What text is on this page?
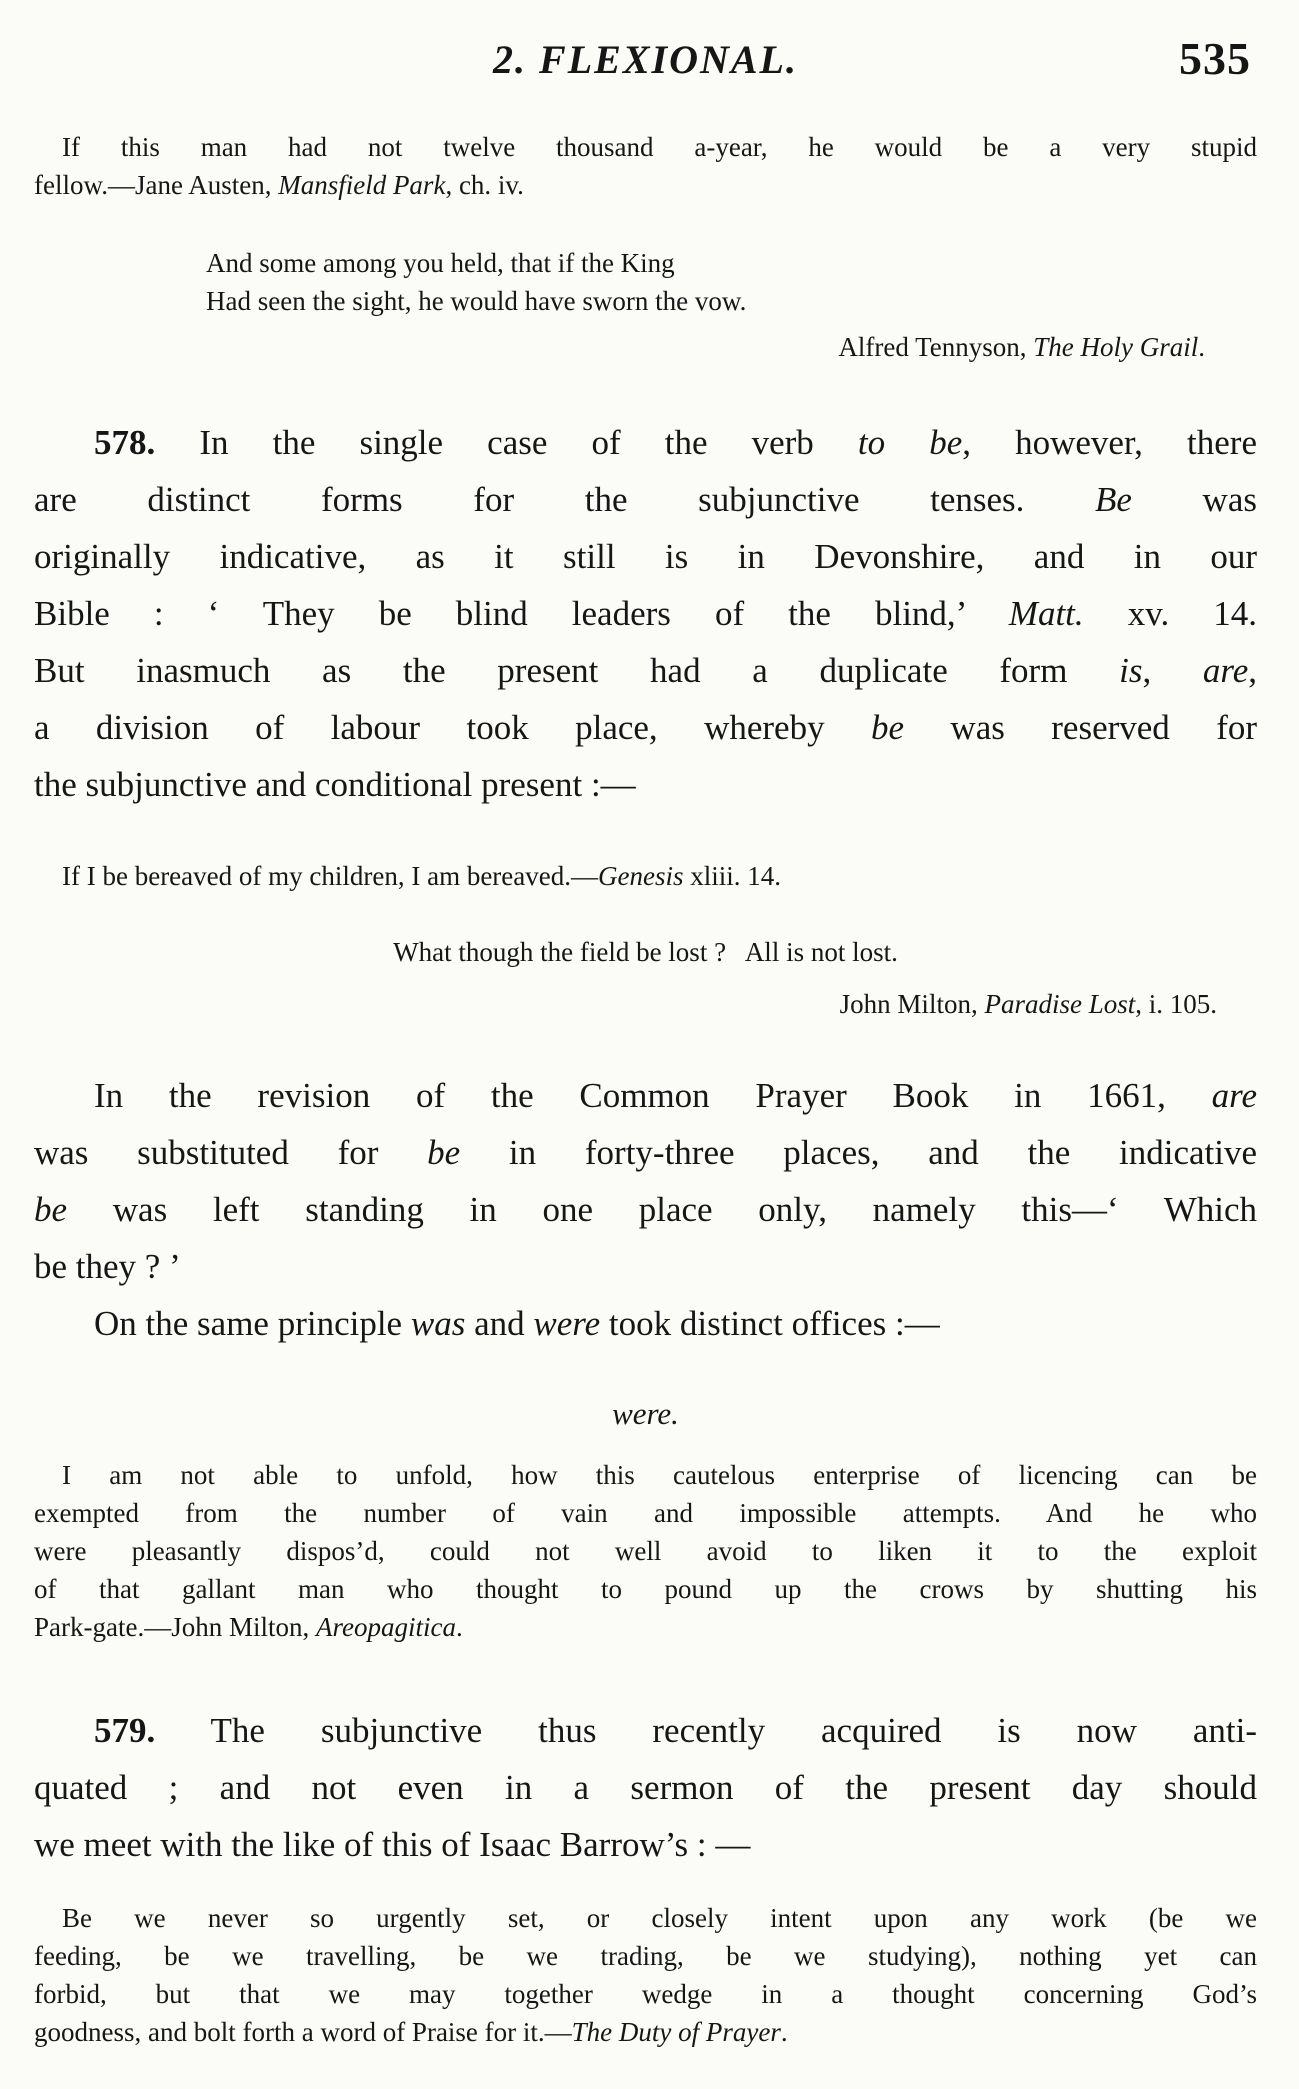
2. FLEXIONAL.	535
If this man had not twelve thousand a-year, he would be a very stupid
fellow.—Jane Austen, Mansfield Park, ch. iv.
And some among you held, that if the King
Had seen the sight, he would have sworn the vow.
Alfred Tennyson, The Holy Grail.
578. In the single case of the verb to be, however, there
are distinct forms for the subjunctive tenses. Be was
originally indicative, as it still is in Devonshire, and in our
Bible : ‘ They be blind leaders of the blind,’ Matt. xv. 14.
But inasmuch as the present had a duplicate form is, are,
a division of labour took place, whereby be was reserved for
the subjunctive and conditional present :—
If I be bereaved of my children, I am bereaved.—Genesis xliii. 14.
What though the field be lost ?  All is not lost.
John Milton, Paradise Lost, i. 105.
In the revision of the Common Prayer Book in 1661, are
was substituted for be in forty-three places, and the indicative
be was left standing in one place only, namely this—‘ Which
be they ? ’
On the same principle was and were took distinct offices :—
were.
I am not able to unfold, how this cautelous enterprise of licencing can be
exempted from the number of vain and impossible attempts. And he who
were pleasantly dispos’d, could not well avoid to liken it to the exploit
of that gallant man who thought to pound up the crows by shutting his
Park-gate.—John Milton, Areopagitica.
579. The subjunctive thus recently acquired is now anti-
quated ; and not even in a sermon of the present day should
we meet with the like of this of Isaac Barrow’s : —
Be we never so urgently set, or closely intent upon any work (be we
feeding, be we travelling, be we trading, be we studying), nothing yet can
forbid, but that we may together wedge in a thought concerning God’s
goodness, and bolt forth a word of Praise for it.—The Duty of Prayer.
